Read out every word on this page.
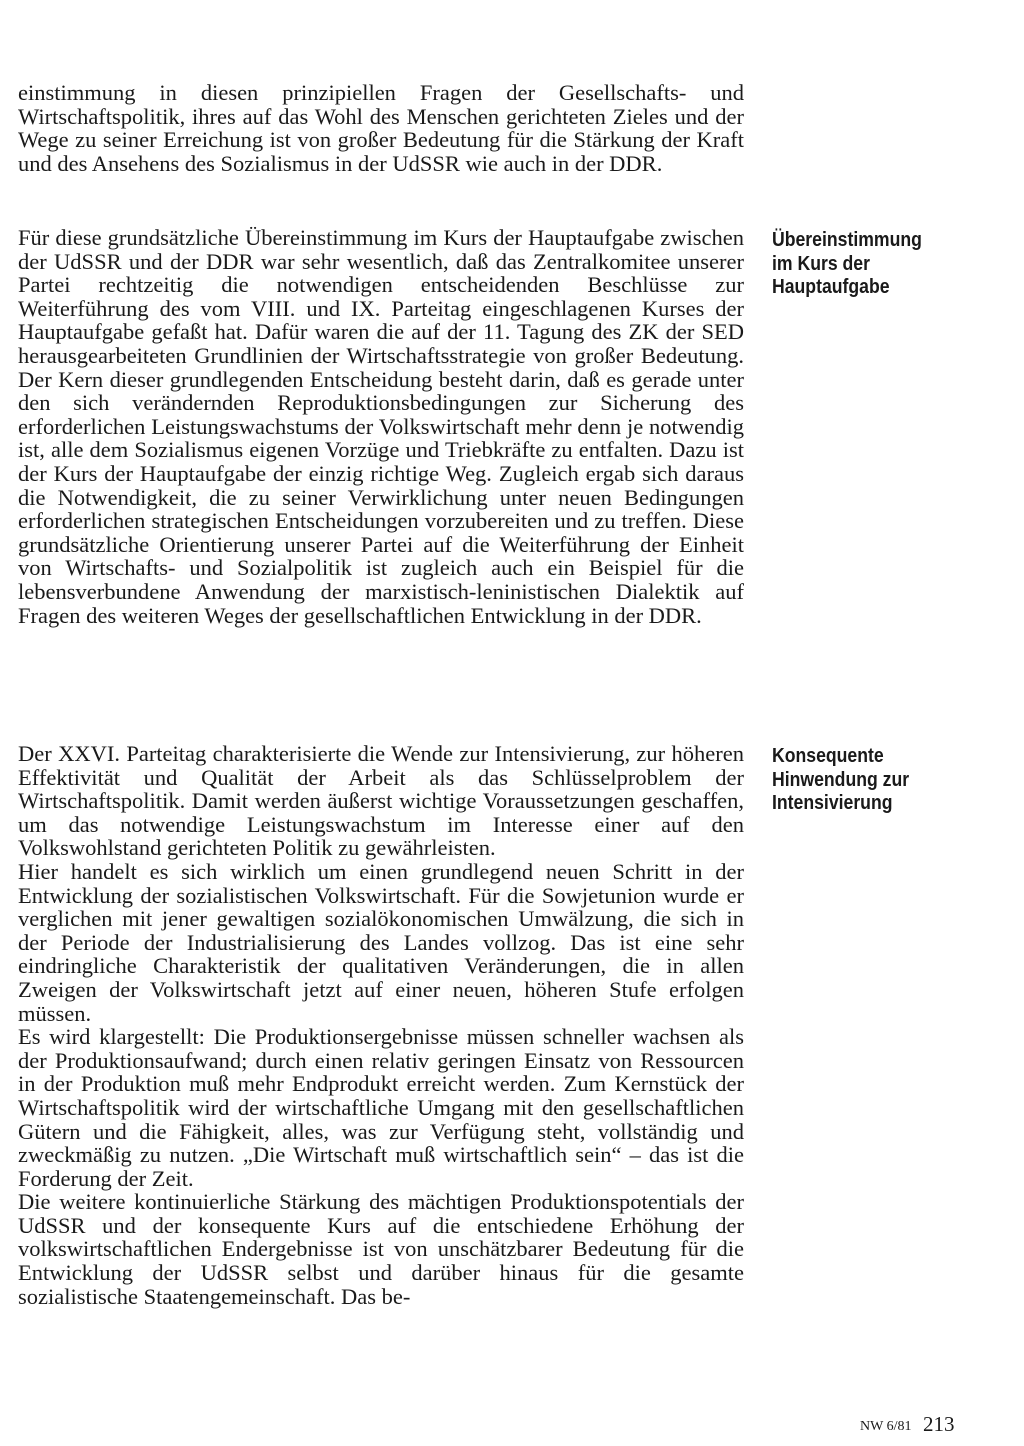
einstimmung in diesen prinzipiellen Fragen der Gesellschafts- und Wirtschaftspolitik, ihres auf das Wohl des Menschen gerichteten Zieles und der Wege zu seiner Erreichung ist von großer Bedeutung für die Stärkung der Kraft und des Ansehens des Sozialismus in der UdSSR wie auch in der DDR.

Für diese grundsätzliche Übereinstimmung im Kurs der Hauptaufgabe zwischen der UdSSR und der DDR war sehr wesentlich, daß das Zentralkomitee unserer Partei rechtzeitig die notwendigen entscheidenden Beschlüsse zur Weiterführung des vom VIII. und IX. Parteitag eingeschlagenen Kurses der Hauptaufgabe gefaßt hat. Dafür waren die auf der 11. Tagung des ZK der SED herausgearbeiteten Grundlinien der Wirtschaftsstrategie von großer Bedeutung. Der Kern dieser grundlegenden Entscheidung besteht darin, daß es gerade unter den sich verändernden Reproduktionsbedingungen zur Sicherung des erforderlichen Leistungswachstums der Volkswirtschaft mehr denn je notwendig ist, alle dem Sozialismus eigenen Vorzüge und Triebkräfte zu entfalten. Dazu ist der Kurs der Hauptaufgabe der einzig richtige Weg. Zugleich ergab sich daraus die Notwendigkeit, die zu seiner Verwirklichung unter neuen Bedingungen erforderlichen strategischen Entscheidungen vorzubereiten und zu treffen. Diese grundsätzliche Orientierung unserer Partei auf die Weiterführung der Einheit von Wirtschafts- und Sozialpolitik ist zugleich auch ein Beispiel für die lebensverbundene Anwendung der marxistisch-leninistischen Dialektik auf Fragen des weiteren Weges der gesellschaftlichen Entwicklung in der DDR.

Der XXVI. Parteitag charakterisierte die Wende zur Intensivierung, zur höheren Effektivität und Qualität der Arbeit als das Schlüsselproblem der Wirtschaftspolitik. Damit werden äußerst wichtige Voraussetzungen geschaffen, um das notwendige Leistungswachstum im Interesse einer auf den Volkswohlstand gerichteten Politik zu gewährleisten.

Hier handelt es sich wirklich um einen grundlegend neuen Schritt in der Entwicklung der sozialistischen Volkswirtschaft. Für die Sowjetunion wurde er verglichen mit jener gewaltigen sozialökonomischen Umwälzung, die sich in der Periode der Industrialisierung des Landes vollzog. Das ist eine sehr eindringliche Charakteristik der qualitativen Veränderungen, die in allen Zweigen der Volkswirtschaft jetzt auf einer neuen, höheren Stufe erfolgen müssen.

Es wird klargestellt: Die Produktionsergebnisse müssen schneller wachsen als der Produktionsaufwand; durch einen relativ geringen Einsatz von Ressourcen in der Produktion muß mehr Endprodukt erreicht werden. Zum Kernstück der Wirtschaftspolitik wird der wirtschaftliche Umgang mit den gesellschaftlichen Gütern und die Fähigkeit, alles, was zur Verfügung steht, vollständig und zweckmäßig zu nutzen. „Die Wirtschaft muß wirtschaftlich sein“ – das ist die Forderung der Zeit.

Die weitere kontinuierliche Stärkung des mächtigen Produktionspotentials der UdSSR und der konsequente Kurs auf die entschiedene Erhöhung der volkswirtschaftlichen Endergebnisse ist von unschätzbarer Bedeutung für die Entwicklung der UdSSR selbst und darüber hinaus für die gesamte sozialistische Staatengemeinschaft. Das be-

Übereinstimmung
im Kurs der
Hauptaufgabe
Konsequente
Hinwendung zur
Intensivierung
NW 6/81 213
